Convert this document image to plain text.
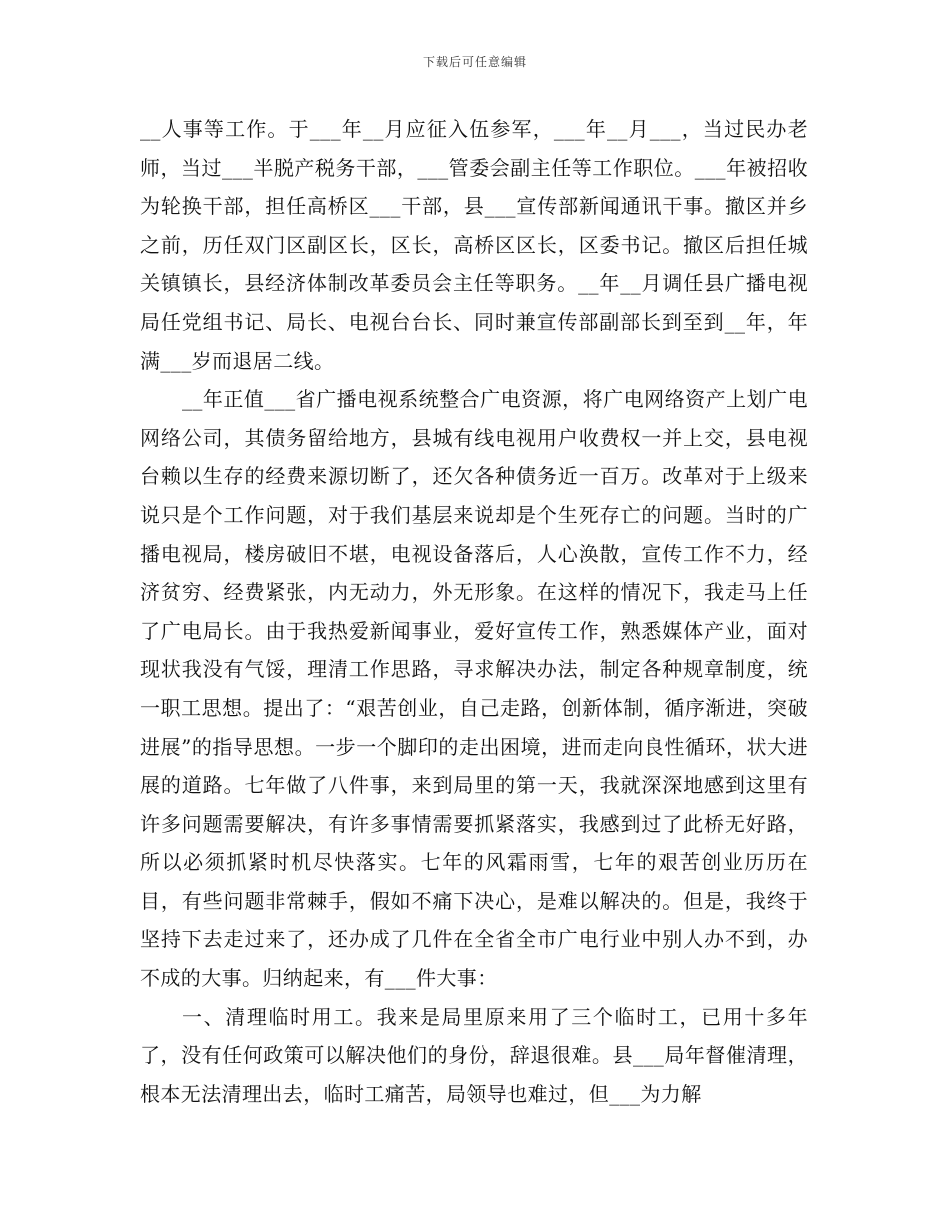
下载后可任意编辑

__人事等工作。于___年__月应征入伍参军，___年__月___，当过民办老师，当过___半脱产税务干部，___管委会副主任等工作职位。___年被招收为轮换干部，担任高桥区___干部，县___宣传部新闻通讯干事。撤区并乡之前，历任双门区副区长，区长，高桥区区长，区委书记。撤区后担任城关镇镇长，县经济体制改革委员会主任等职务。__年__月调任县广播电视局任党组书记、局长、电视台台长、同时兼宣传部副部长到至到__年，年满___岁而退居二线。

__年正值___省广播电视系统整合广电资源，将广电网络资产上划广电网络公司，其债务留给地方，县城有线电视用户收费权一并上交，县电视台赖以生存的经费来源切断了，还欠各种债务近一百万。改革对于上级来说只是个工作问题，对于我们基层来说却是个生死存亡的问题。当时的广播电视局，楼房破旧不堪，电视设备落后，人心涣散，宣传工作不力，经济贫穷、经费紧张，内无动力，外无形象。在这样的情况下，我走马上任了广电局长。由于我热爱新闻事业，爱好宣传工作，熟悉媒体产业，面对现状我没有气馁，理清工作思路，寻求解决办法，制定各种规章制度，统一职工思想。提出了：“艰苦创业，自己走路，创新体制，循序渐进，突破进展”的指导思想。一步一个脚印的走出困境，进而走向良性循环，状大进展的道路。七年做了八件事，来到局里的第一天，我就深深地感到这里有许多问题需要解决，有许多事情需要抓紧落实，我感到过了此桥无好路，所以必须抓紧时机尽快落实。七年的风霜雨雪，七年的艰苦创业历历在目，有些问题非常棘手，假如不痛下决心，是难以解决的。但是，我终于坚持下去走过来了，还办成了几件在全省全市广电行业中别人办不到，办不成的大事。归纳起来，有___件大事：

一、清理临时用工。我来是局里原来用了三个临时工，已用十多年了，没有任何政策可以解决他们的身份，辞退很难。县___局年督催清理，根本无法清理出去，临时工痛苦，局领导也难过，但___为力解
